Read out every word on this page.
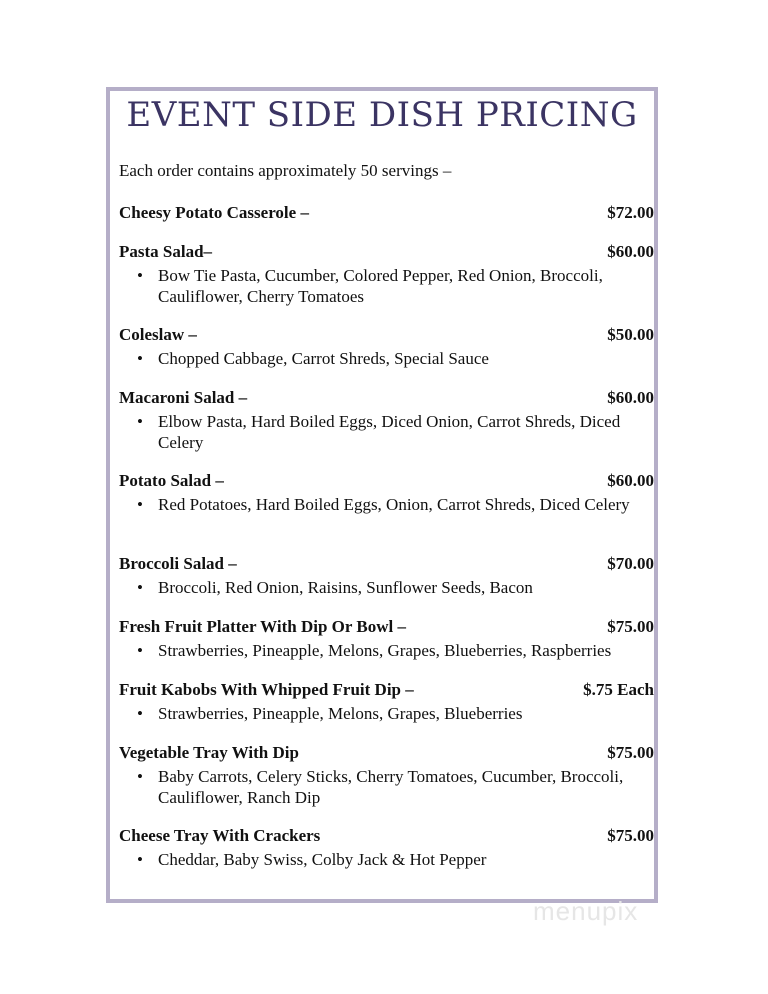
EVENT SIDE DISH PRICING
Each order contains approximately 50 servings –
Cheesy Potato Casserole –	$72.00
Pasta Salad–	$60.00
• Bow Tie Pasta, Cucumber, Colored Pepper, Red Onion, Broccoli, Cauliflower, Cherry Tomatoes
Coleslaw –	$50.00
• Chopped Cabbage, Carrot Shreds, Special Sauce
Macaroni Salad –	$60.00
• Elbow Pasta, Hard Boiled Eggs, Diced Onion, Carrot Shreds, Diced Celery
Potato Salad –	$60.00
• Red Potatoes, Hard Boiled Eggs, Onion, Carrot Shreds, Diced Celery
Broccoli Salad –	$70.00
• Broccoli, Red Onion, Raisins, Sunflower Seeds, Bacon
Fresh Fruit Platter With Dip Or Bowl –	$75.00
• Strawberries, Pineapple, Melons, Grapes, Blueberries, Raspberries
Fruit Kabobs With Whipped Fruit Dip –	$.75 Each
• Strawberries, Pineapple, Melons, Grapes, Blueberries
Vegetable Tray With Dip	$75.00
• Baby Carrots, Celery Sticks, Cherry Tomatoes, Cucumber, Broccoli, Cauliflower, Ranch Dip
Cheese Tray With Crackers	$75.00
• Cheddar, Baby Swiss, Colby Jack & Hot Pepper
menupix
